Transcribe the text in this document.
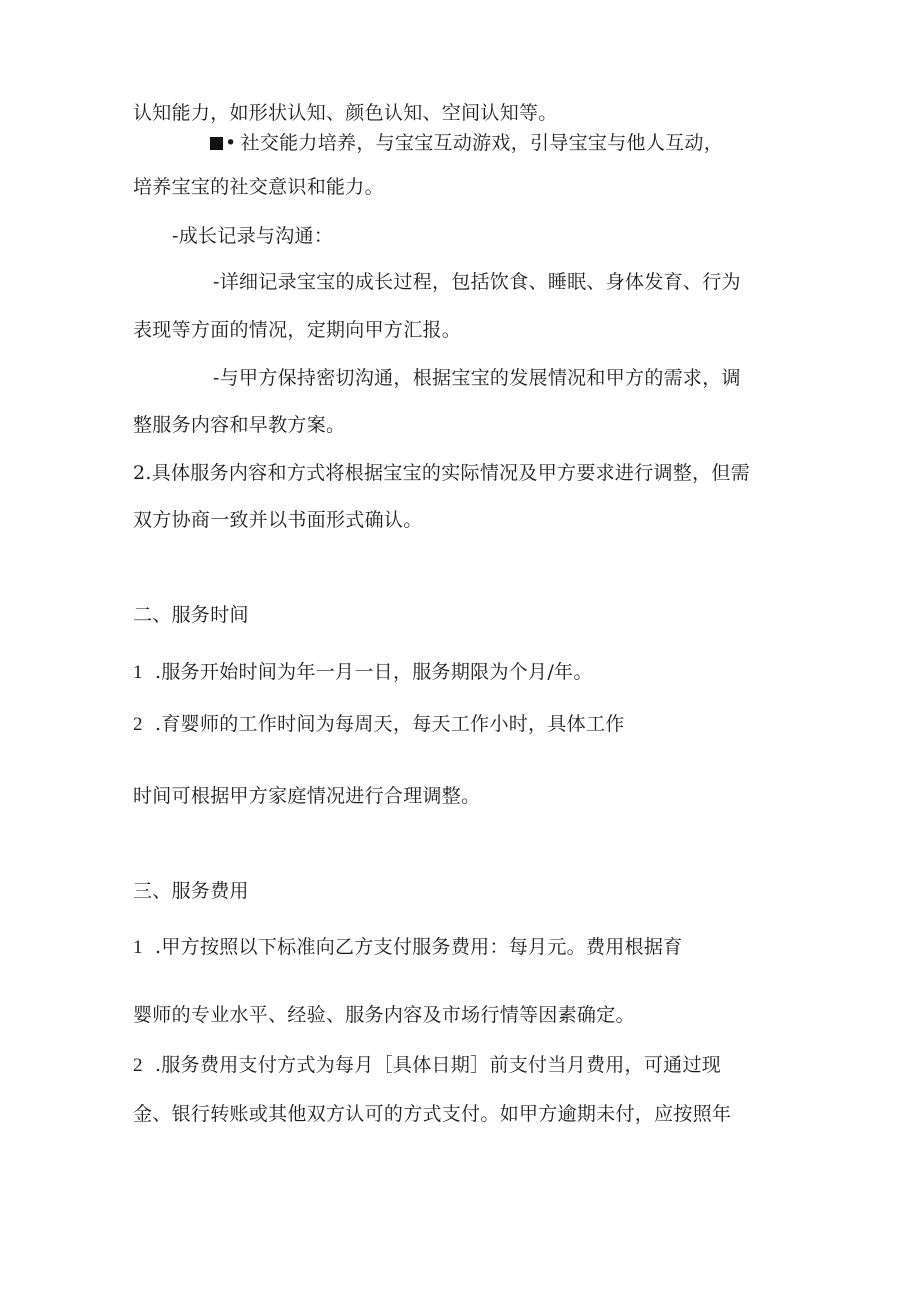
认知能力，如形状认知、颜色认知、空间认知等。
• 社交能力培养，与宝宝互动游戏，引导宝宝与他人互动，
培养宝宝的社交意识和能力。
-成长记录与沟通：
-详细记录宝宝的成长过程，包括饮食、睡眠、身体发育、行为
表现等方面的情况，定期向甲方汇报。
-与甲方保持密切沟通，根据宝宝的发展情况和甲方的需求，调
整服务内容和早教方案。
2.具体服务内容和方式将根据宝宝的实际情况及甲方要求进行调整，但需
双方协商一致并以书面形式确认。
二、服务时间
1 .服务开始时间为年一月一日，服务期限为个月/年。
2 .育婴师的工作时间为每周天，每天工作小时，具体工作
时间可根据甲方家庭情况进行合理调整。
三、服务费用
1 .甲方按照以下标准向乙方支付服务费用：每月元。费用根据育
婴师的专业水平、经验、服务内容及市场行情等因素确定。
2 .服务费用支付方式为每月［具体日期］前支付当月费用，可通过现
金、银行转账或其他双方认可的方式支付。如甲方逾期未付，应按照年
